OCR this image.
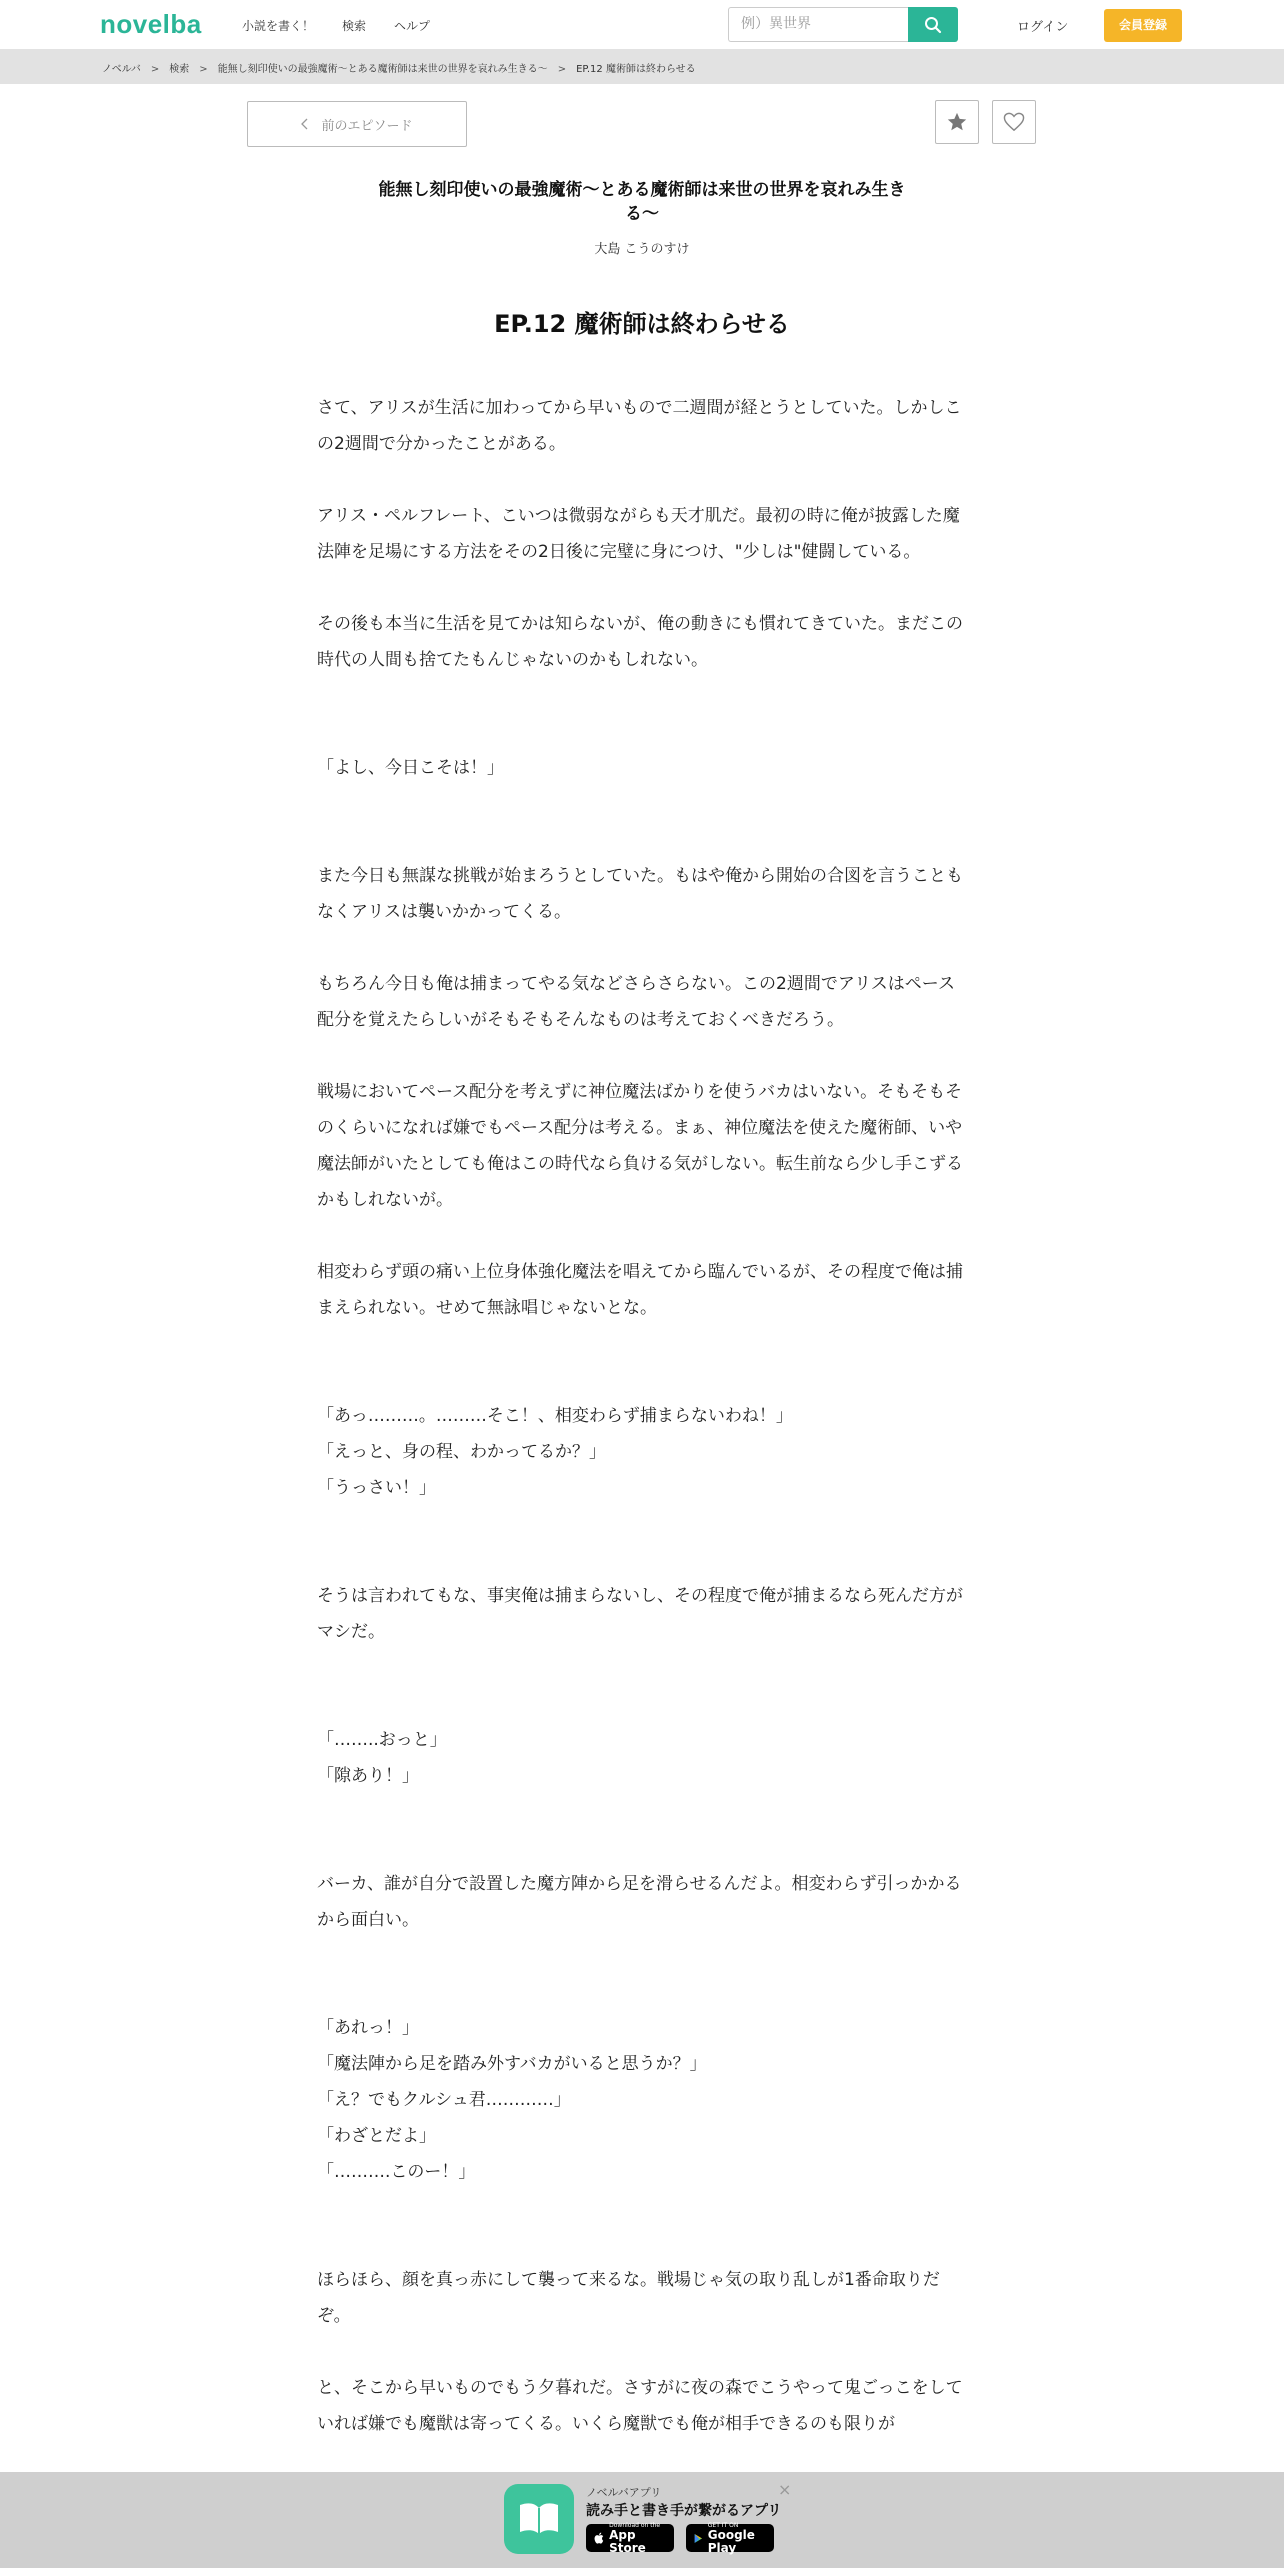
novelba	小説を書く！ 検索 ヘルプ	例）異世界	ログイン	会員登録
ノベルバ > 検索 > 能無し刻印使いの最強魔術〜とある魔術師は来世の世界を哀れみ生きる〜 > EP.12 魔術師は終わらせる
前のエピソード
能無し刻印使いの最強魔術〜とある魔術師は来世の世界を哀れみ生きる〜
大島 こうのすけ
EP.12 魔術師は終わらせる

さて、アリスが生活に加わってから早いもので二週間が経とうとしていた。しかしこの2週間で分かったことがある。

アリス・ペルフレート、こいつは微弱ながらも天才肌だ。最初の時に俺が披露した魔法陣を足場にする方法をその2日後に完璧に身につけ、"少しは"健闘している。

その後も本当に生活を見てかは知らないが、俺の動きにも慣れてきていた。まだこの時代の人間も捨てたもんじゃないのかもしれない。

「よし、今日こそは！」

また今日も無謀な挑戦が始まろうとしていた。もはや俺から開始の合図を言うこともなくアリスは襲いかかってくる。

もちろん今日も俺は捕まってやる気などさらさらない。この2週間でアリスはペース配分を覚えたらしいがそもそもそんなものは考えておくべきだろう。

戦場においてペース配分を考えずに神位魔法ばかりを使うバカはいない。そもそもそのくらいになれば嫌でもペース配分は考える。まぁ、神位魔法を使えた魔術師、いや魔法師がいたとしても俺はこの時代なら負ける気がしない。転生前なら少し手こずるかもしれないが。

相変わらず頭の痛い上位身体強化魔法を唱えてから臨んでいるが、その程度で俺は捕まえられない。せめて無詠唱じゃないとな。

「あっ………。………そこ！、相変わらず捕まらないわね！」

「えっと、身の程、わかってるか？」

「うっさい！」

そうは言われてもな、事実俺は捕まらないし、その程度で俺が捕まるなら死んだ方がマシだ。

「……..おっと」

「隙あり！」

バーカ、誰が自分で設置した魔方陣から足を滑らせるんだよ。相変わらず引っかかるから面白い。

「あれっ！」

「魔法陣から足を踏み外すバカがいると思うか？」

「え？でもクルシュ君…………」

「わざとだよ」

「……….このー！」

ほらほら、顔を真っ赤にして襲って来るな。戦場じゃ気の取り乱しが1番命取りだぞ。

と、そこから早いものでもう夕暮れだ。さすがに夜の森でこうやって鬼ごっこをしていれば嫌でも魔獣は寄ってくる。いくら魔獣でも俺が相手できるのも限りが

ノベルバアプリ
読み手と書き手が繋がるアプリ
Download on the
App Store
GET IT ON
Google Play
×
